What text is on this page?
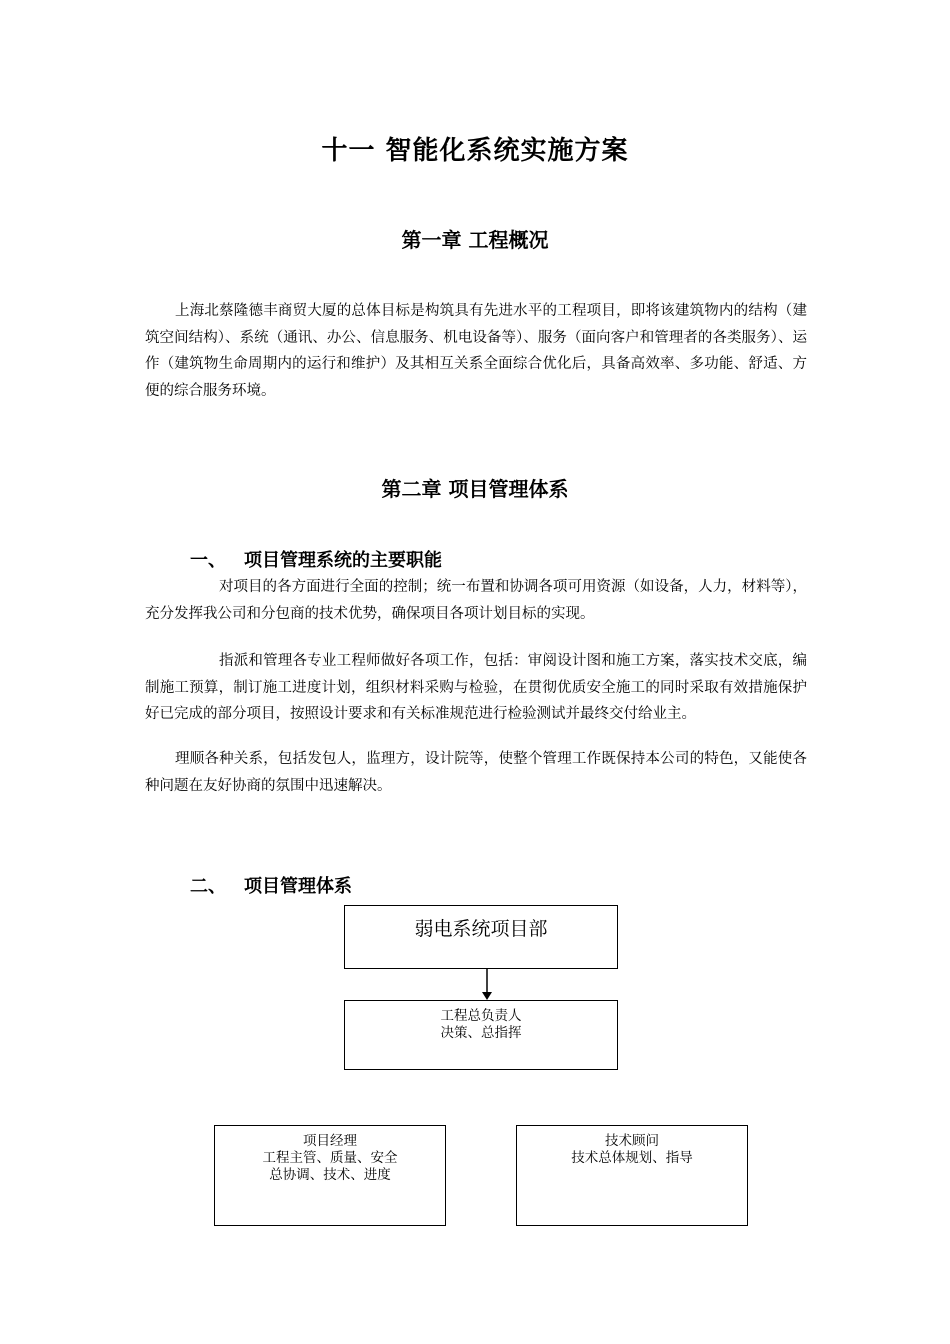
十一 智能化系统实施方案
第一章 工程概况
上海北蔡隆德丰商贸大厦的总体目标是构筑具有先进水平的工程项目，即将该建筑物内的结构（建筑空间结构）、系统（通讯、办公、信息服务、机电设备等）、服务（面向客户和管理者的各类服务）、运作（建筑物生命周期内的运行和维护）及其相互关系全面综合优化后，具备高效率、多功能、舒适、方便的综合服务环境。
第二章 项目管理体系
一、 项目管理系统的主要职能
对项目的各方面进行全面的控制；统一布置和协调各项可用资源（如设备，人力，材料等），充分发挥我公司和分包商的技术优势，确保项目各项计划目标的实现。
指派和管理各专业工程师做好各项工作，包括：审阅设计图和施工方案，落实技术交底，编制施工预算，制订施工进度计划，组织材料采购与检验，在贯彻优质安全施工的同时采取有效措施保护好已完成的部分项目，按照设计要求和有关标准规范进行检验测试并最终交付给业主。
理顺各种关系，包括发包人，监理方，设计院等，使整个管理工作既保持本公司的特色，又能使各种问题在友好协商的氛围中迅速解决。
二、 项目管理体系
弱电系统项目部
工程总负责人
决策、总指挥
项目经理
工程主管、质量、安全
总协调、技术、进度
技术顾问
技术总体规划、指导
